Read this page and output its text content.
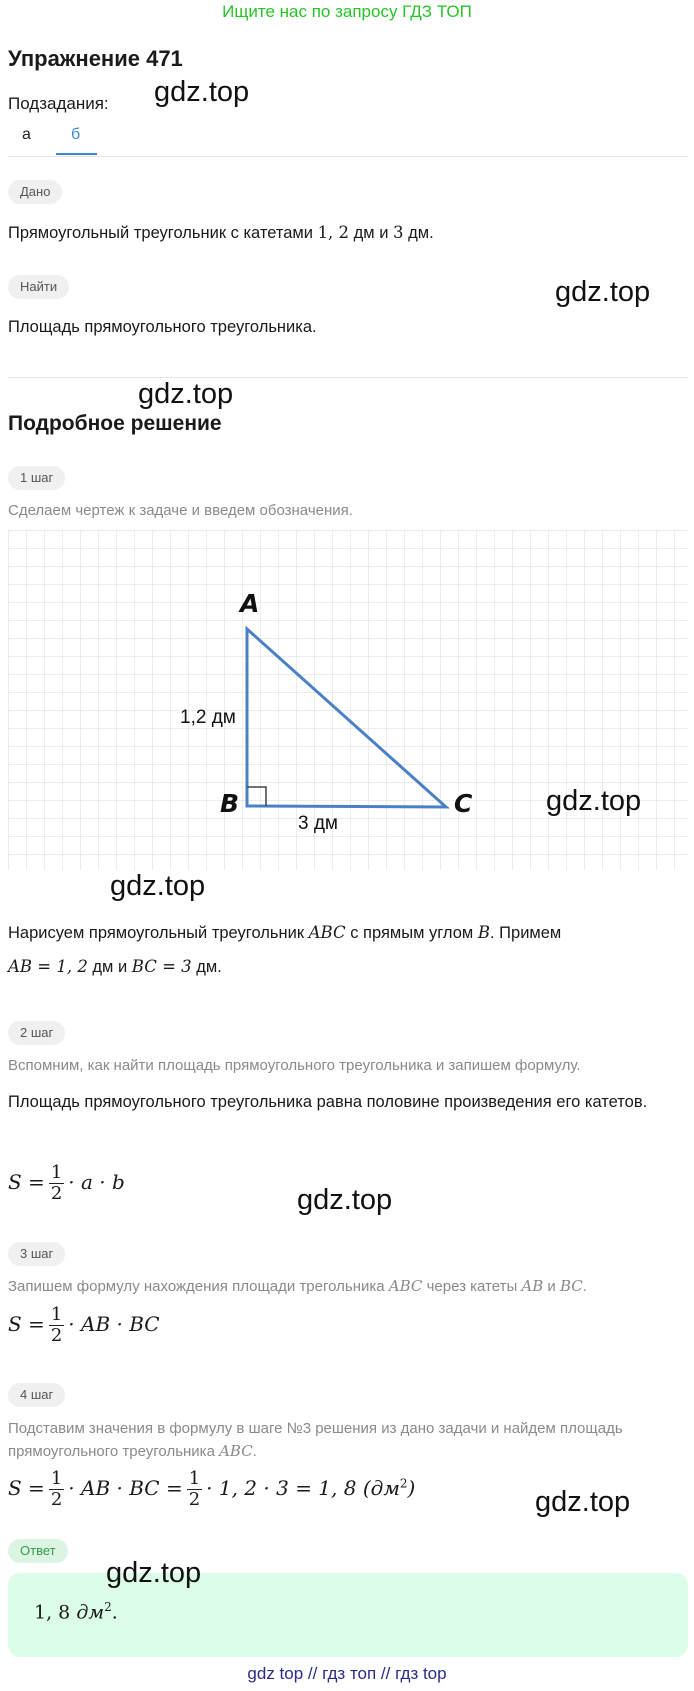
Ищите нас по запросу ГДЗ ТОП
Упражнение 471
Подзадания: gdz.top
а	б
Дано
Прямоугольный треугольник с катетами 1, 2 дм и 3 дм.
Найти	gdz.top
Площадь прямоугольного треугольника.
gdz.top
Подробное решение
1 шаг
Сделаем чертеж к задаче и введем обозначения.
A
B	C
1,2 дм
3 дм
gdz.top
gdz.top
Нарисуем прямоугольный треугольник ABC с прямым углом B. Примем
AB = 1, 2 дм и BC = 3 дм.
2 шаг
Вспомним, как найти площадь прямоугольного треугольника и запишем формулу.
Площадь прямоугольного треугольника равна половине произведения его катетов.
$S = \frac{1}{2} \cdot a \cdot b$
gdz.top
3 шаг
Запишем формулу нахождения площади трегольника ABC через катеты AB и BC.
$S = \frac{1}{2}$ · AB · BC
4 шаг
Подставим значения в формулу в шаге №3 решения из дано задачи и найдем площадь
прямоугольного треугольника ABC.
$S = \frac{1}{2}$ · AB · BC = $\frac{1}{2} \cdot 1$, 2 · 3 = 1, 8 $(дм^2)$	gdz.top
Ответ
gdz.top
1, 8 $дм^2$.
gdz top // гдз топ // гдз top
